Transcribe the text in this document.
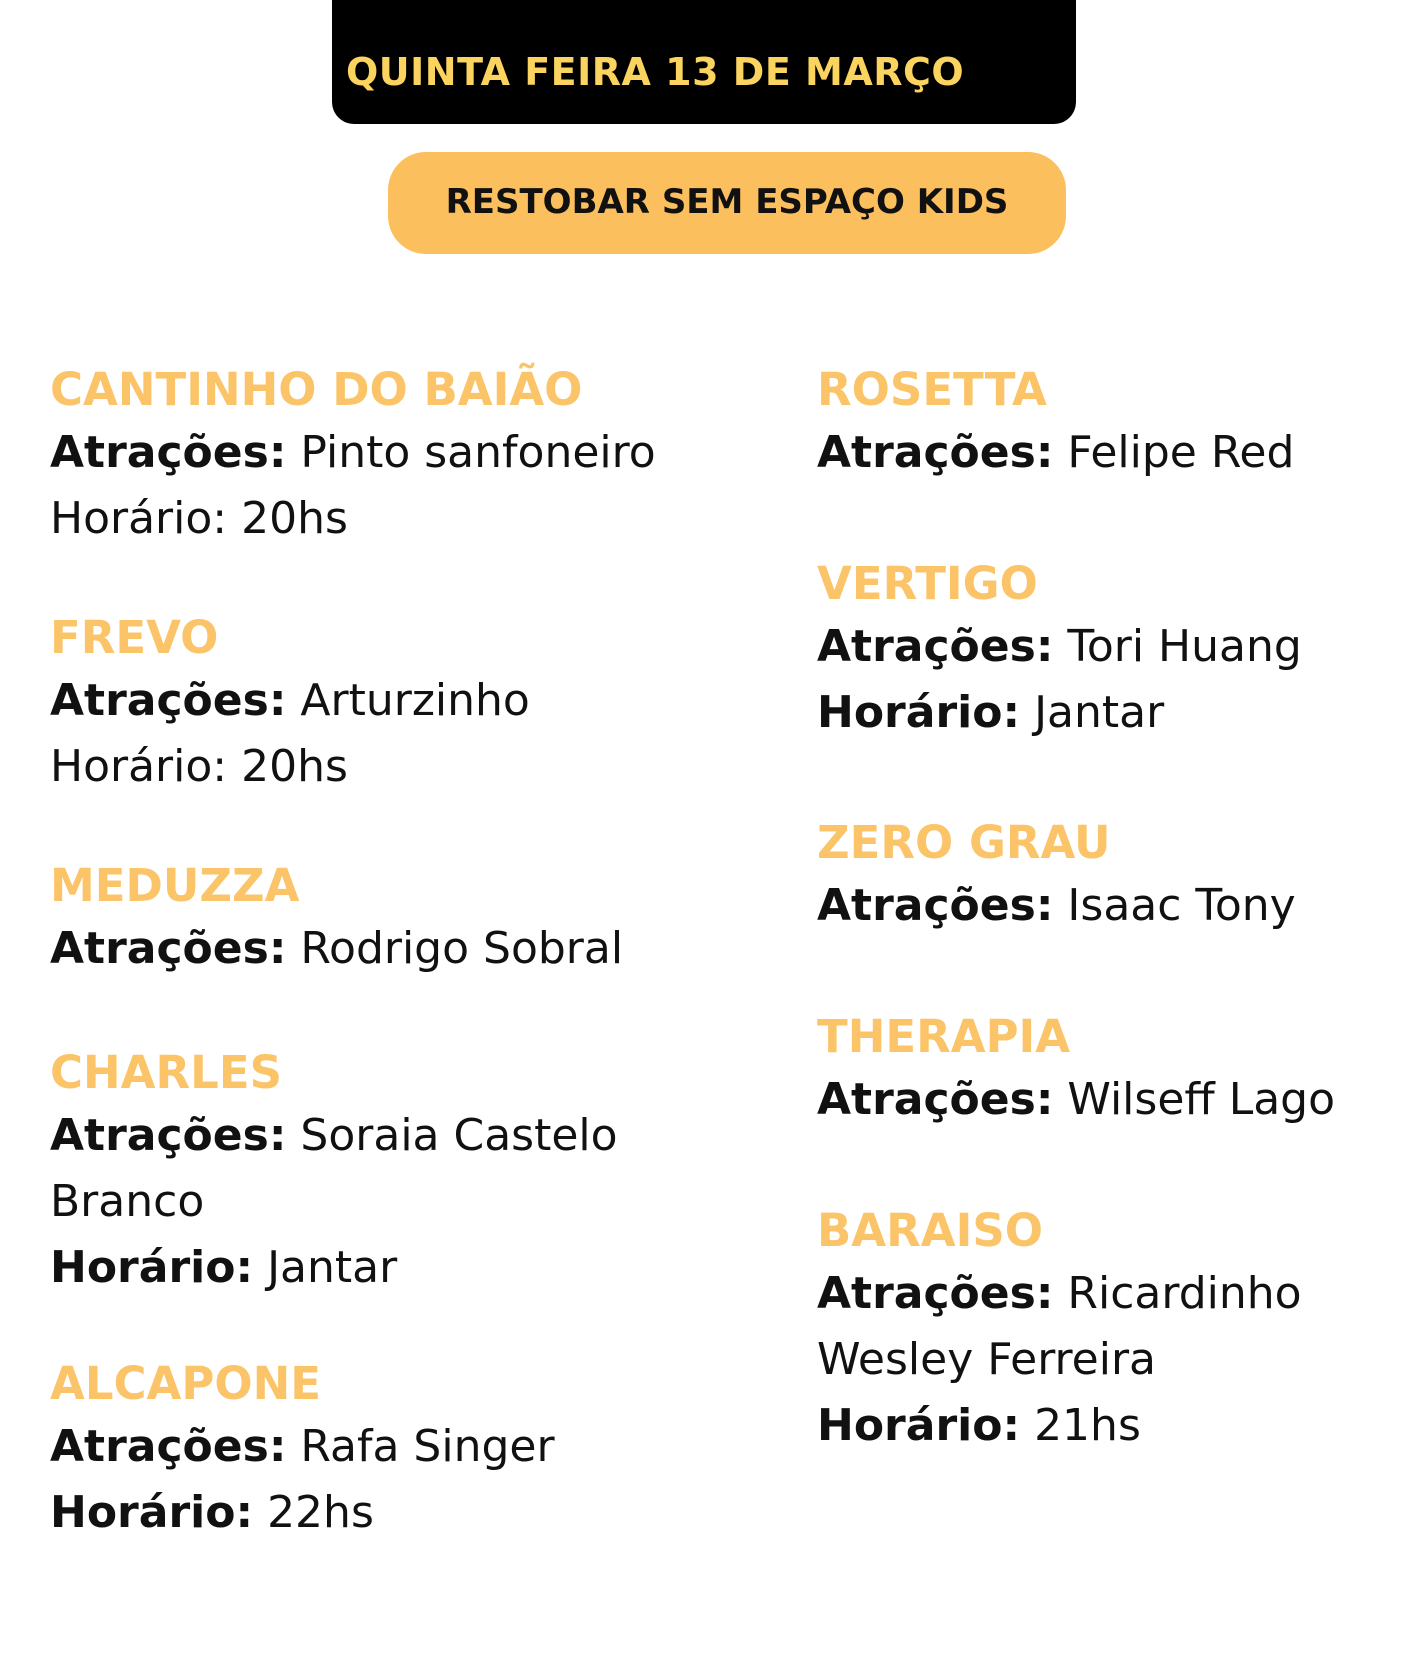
QUINTA FEIRA 13 DE MARÇO
RESTOBAR SEM ESPAÇO KIDS
CANTINHO DO BAIÃO
Atrações: Pinto sanfoneiro
Horário: 20hs
FREVO
Atrações: Arturzinho
Horário: 20hs
MEDUZZA
Atrações: Rodrigo Sobral
CHARLES
Atrações: Soraia Castelo
Branco
Horário: Jantar
ALCAPONE
Atrações: Rafa Singer
Horário: 22hs
ROSETTA
Atrações: Felipe Red
VERTIGO
Atrações: Tori Huang
Horário: Jantar
ZERO GRAU
Atrações: Isaac Tony
THERAPIA
Atrações: Wilseff Lago
BARAISO
Atrações: Ricardinho
Wesley Ferreira
Horário: 21hs
